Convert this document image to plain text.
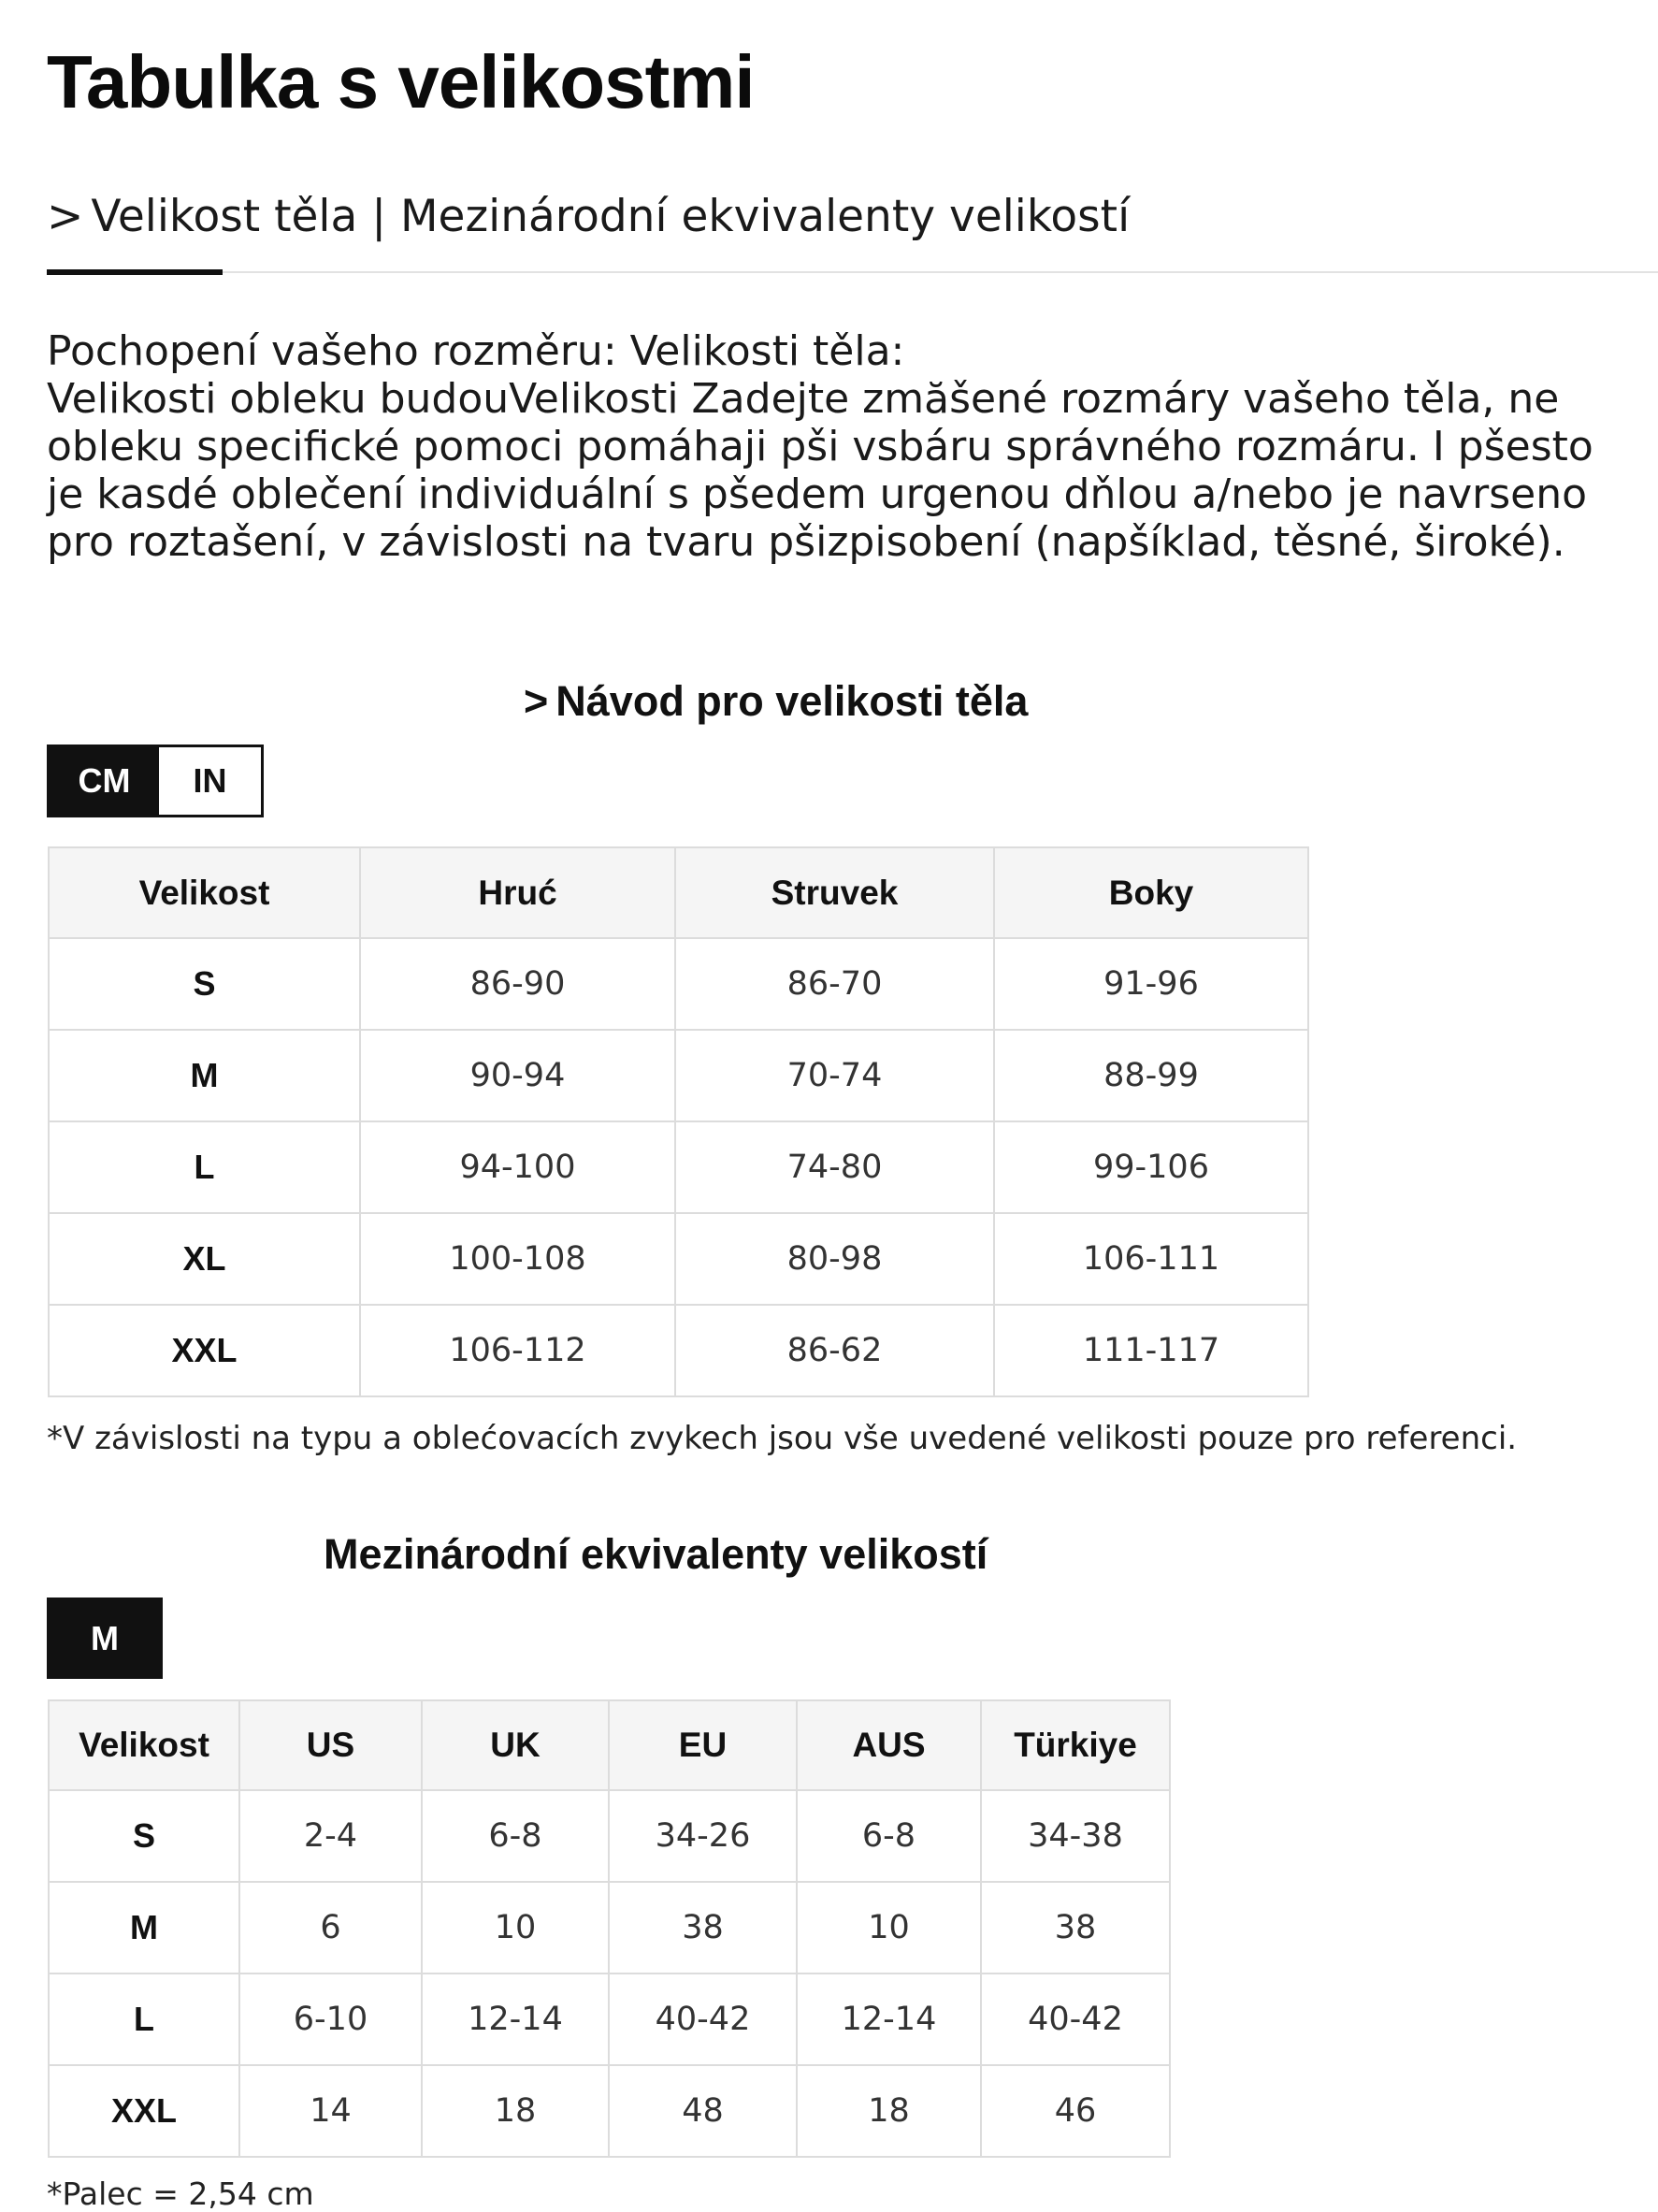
Tabulka s velikostmi
> Velikost těla | Mezinárodní ekvivalenty velikostí

Pochopení vašeho rozměru: Velikosti těla:

Velikosti obleku budouVelikosti Zadejte zmăšené rozmáry vašeho těla, ne obleku specifické pomoci pomáhaji pši vsbáru správného rozmáru. I pšesto je kasdé oblečení individuální s pšedem urgenou dňlou a/nebo je navrseno pro roztašení, v závislosti na tvaru pšizpisobení (napšíklad, těsné, široké).

> Návod pro velikosti těla
CM	IN
Velikost	Hruć	Struvek	Boky
S	86-90	86-70	91-96
M	90-94	70-74	88-99
L	94-100	74-80	99-106
XL	100-108	80-98	106-111
XXL	106-112	86-62	111-117

*V závislosti na typu a oblećovacích zvykech jsou vše uvedené velikosti pouze pro referenci.

Mezinárodní ekvivalenty velikostí
M
Velikost	US	UK	EU	AUS	Türkiye
S	2-4	6-8	34-26	6-8	34-38
M	6	10	38	10	38
L	6-10	12-14	40-42	12-14	40-42
XXL	14	18	48	18	46

*Palec = 2,54 cm
